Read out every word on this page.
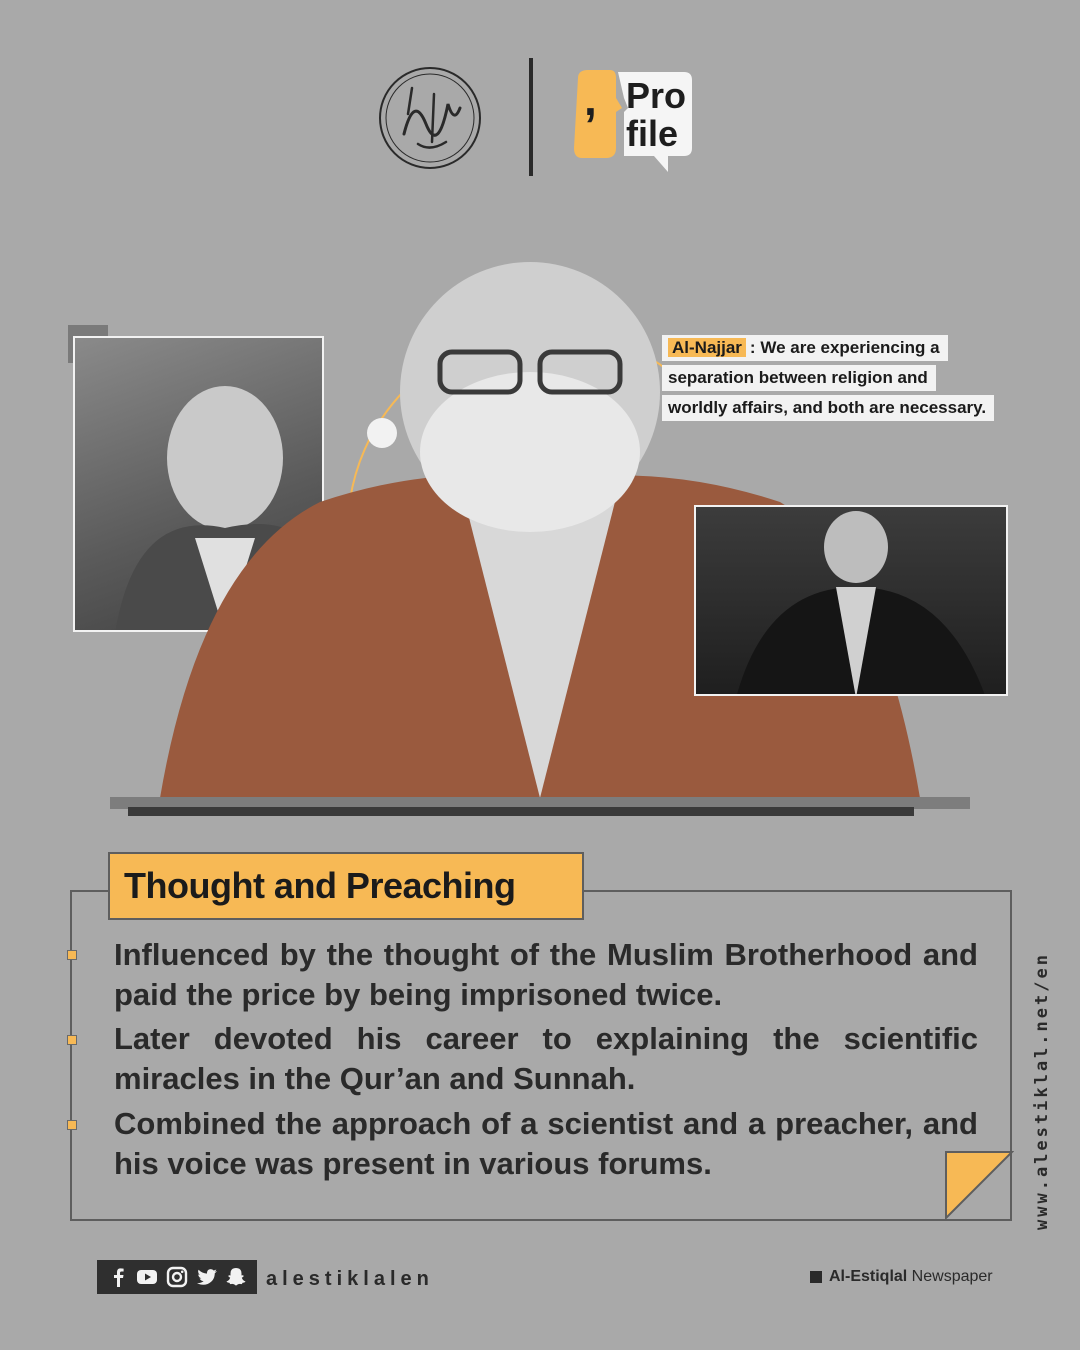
, Pro
file
Al-Najjar : We are experiencing a
separation between religion and
worldly affairs, and both are necessary.
Thought and Preaching
Influenced by the thought of the Muslim Brotherhood and paid the price by being imprisoned twice.
Later devoted his career to explaining the scientific miracles in the Qur’an and Sunnah.
Combined the approach of a scientist and a preacher, and his voice was present in various forums.	www.alestiklal.net/en
alestiklalen	Al-Estiqlal Newspaper
